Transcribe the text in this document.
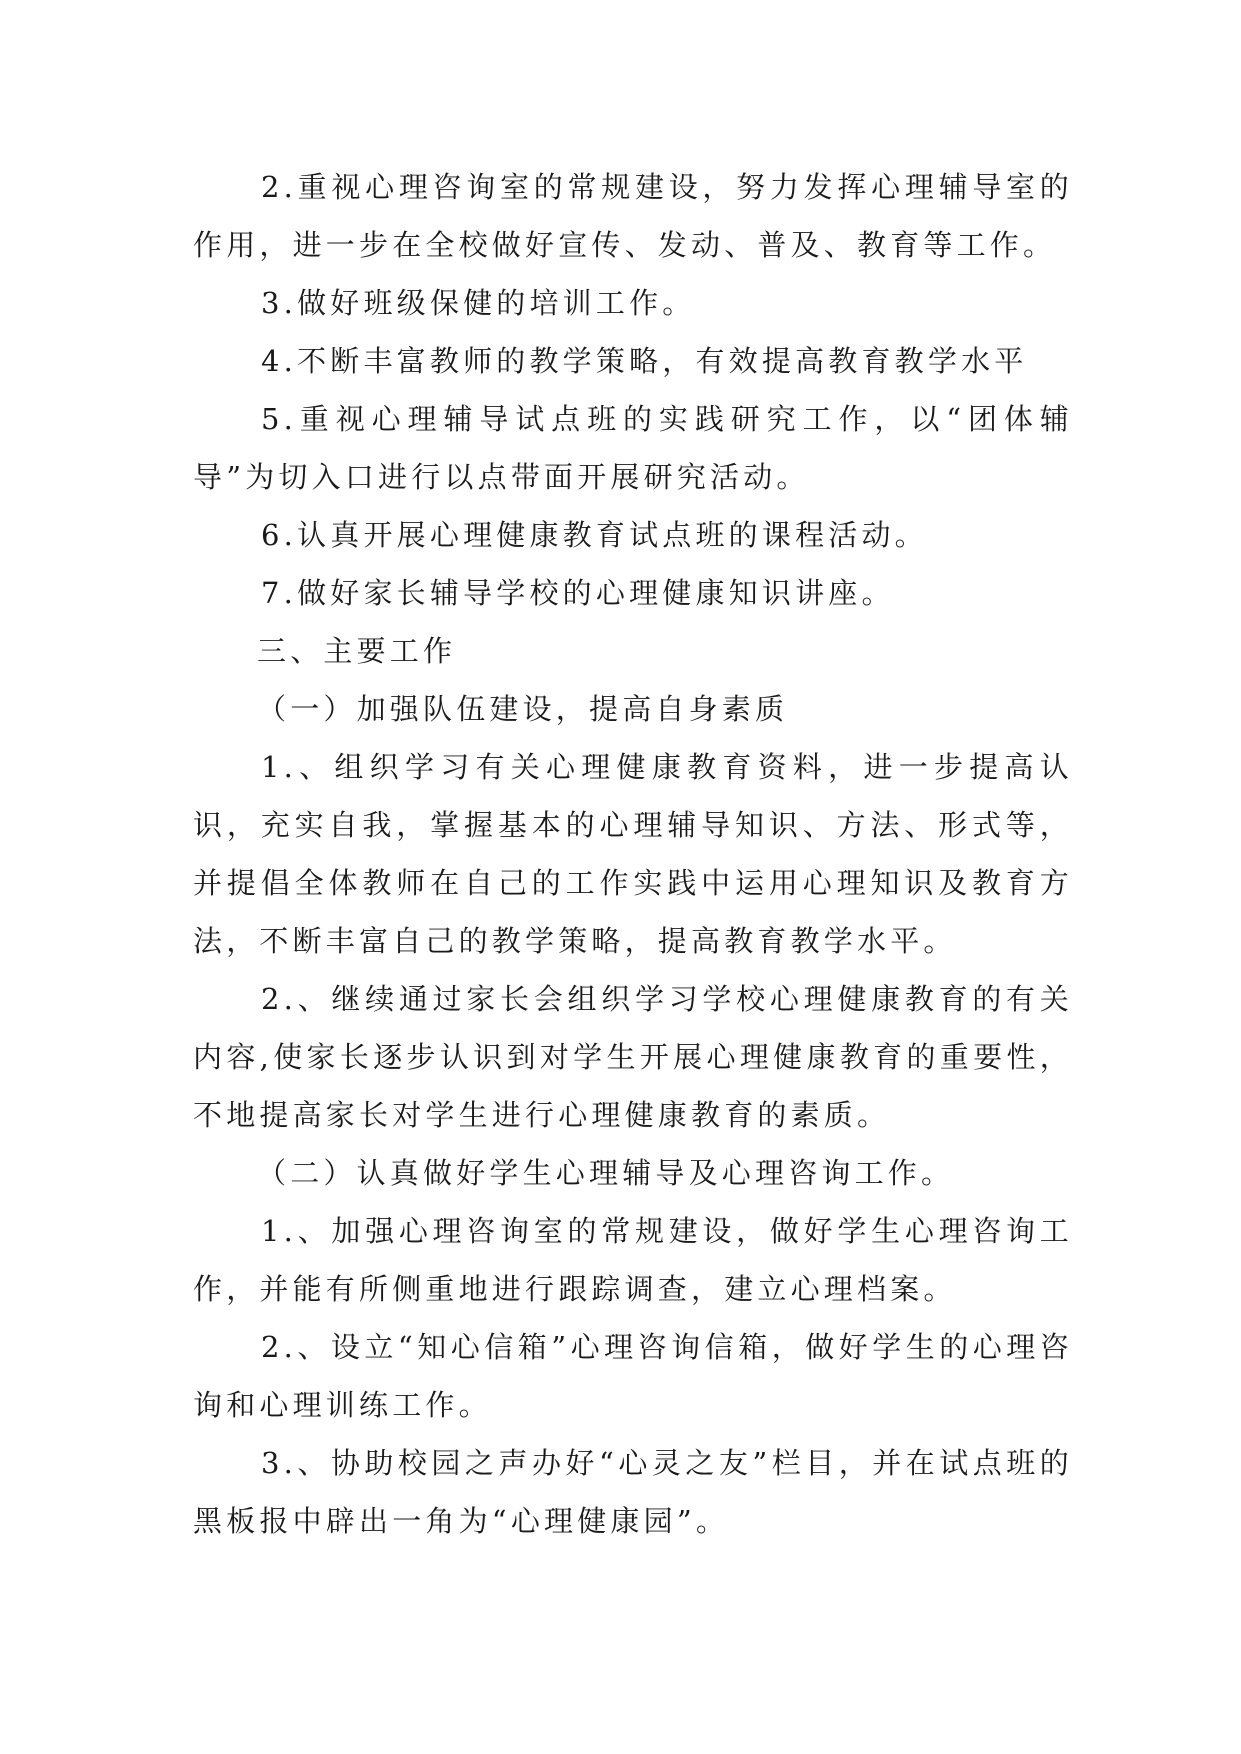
2.重视心理咨询室的常规建设，努力发挥心理辅导室的作用，进一步在全校做好宣传、发动、普及、教育等工作。

3.做好班级保健的培训工作。

4.不断丰富教师的教学策略，有效提高教育教学水平

5.重视心理辅导试点班的实践研究工作，以“团体辅导”为切入口进行以点带面开展研究活动。

6.认真开展心理健康教育试点班的课程活动。

7.做好家长辅导学校的心理健康知识讲座。

三、主要工作

（一）加强队伍建设，提高自身素质

1.、组织学习有关心理健康教育资料，进一步提高认识，充实自我，掌握基本的心理辅导知识、方法、形式等，并提倡全体教师在自己的工作实践中运用心理知识及教育方法，不断丰富自己的教学策略，提高教育教学水平。

2.、继续通过家长会组织学习学校心理健康教育的有关内容,使家长逐步认识到对学生开展心理健康教育的重要性，不地提高家长对学生进行心理健康教育的素质。

（二）认真做好学生心理辅导及心理咨询工作。

1.、加强心理咨询室的常规建设，做好学生心理咨询工作，并能有所侧重地进行跟踪调查，建立心理档案。

2.、设立“知心信箱”心理咨询信箱，做好学生的心理咨询和心理训练工作。

3.、协助校园之声办好“心灵之友”栏目，并在试点班的黑板报中辟出一角为“心理健康园”。
